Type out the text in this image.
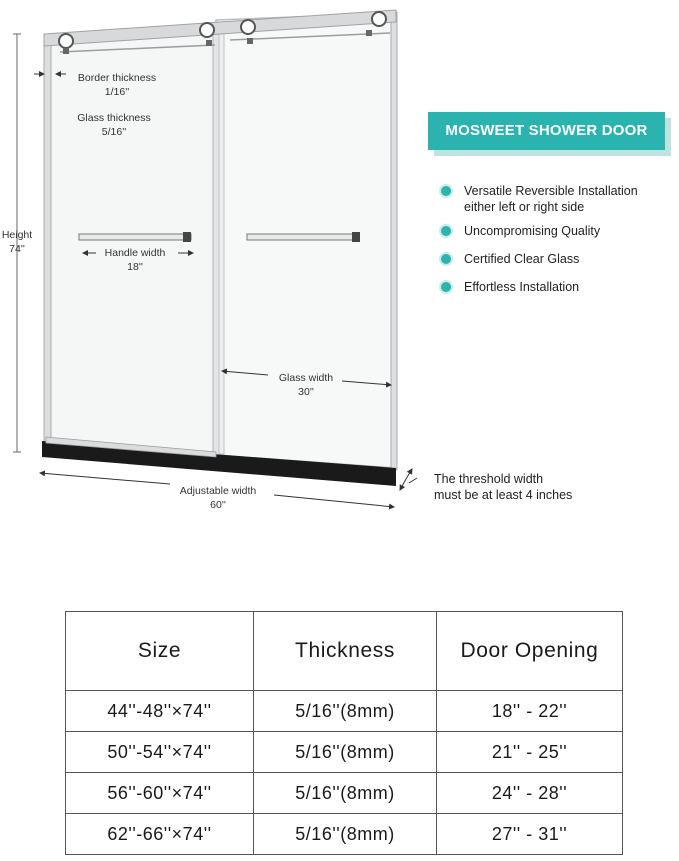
Height
74''
Border thickness
1/16''
Glass thickness
5/16''
Handle width
18''
Glass width
30''
Adjustable width
60''
The threshold width
must be at least 4 inches
MOSWEET SHOWER DOOR
Versatile Reversible Installation
either left or right side
Uncompromising Quality
Certified Clear Glass
Effortless Installation
Size	Thickness	Door Opening
44''-48''×74''	5/16''(8mm)	18'' - 22''
50''-54''×74''	5/16''(8mm)	21'' - 25''
56''-60''×74''	5/16''(8mm)	24'' - 28''
62''-66''×74''	5/16''(8mm)	27'' - 31''
